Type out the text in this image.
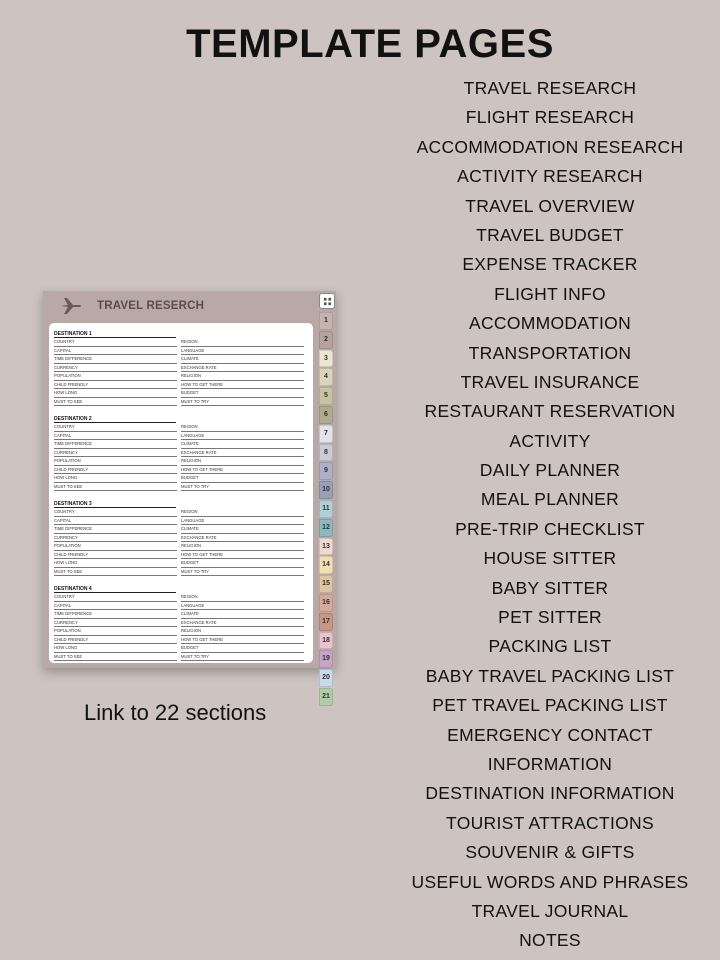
TEMPLATE PAGES
TRAVEL RESEARCH
FLIGHT RESEARCH
ACCOMMODATION RESEARCH
ACTIVITY RESEARCH
TRAVEL OVERVIEW
TRAVEL BUDGET
EXPENSE TRACKER
FLIGHT INFO
ACCOMMODATION
TRANSPORTATION
TRAVEL INSURANCE
RESTAURANT RESERVATION
ACTIVITY
DAILY PLANNER
MEAL PLANNER
PRE-TRIP CHECKLIST
HOUSE SITTER
BABY SITTER
PET SITTER
PACKING LIST
BABY TRAVEL PACKING LIST
PET TRAVEL PACKING LIST
EMERGENCY CONTACT
INFORMATION
DESTINATION INFORMATION
TOURIST ATTRACTIONS
SOUVENIR & GIFTS
USEFUL WORDS AND PHRASES
TRAVEL JOURNAL
NOTES
TRAVEL RESERCH
DESTINATION 1
COUNTRY	REGION
CAPITAL	LANGUAGE
TIME DIFFERENCE	CLIMATE
CURRENCY	EXCHANGE RATE
POPULATION	RELIGION
CHILD FRIENDLY	HOW TO GET THERE
HOW LONG	BUDGET
MUST TO SEE	MUST TO TRY
DESTINATION 2
COUNTRY	REGION
CAPITAL	LANGUAGE
TIME DIFFERENCE	CLIMATE
CURRENCY	EXCHANGE RATE
POPULATION	RELIGION
CHILD FRIENDLY	HOW TO GET THERE
HOW LONG	BUDGET
MUST TO SEE	MUST TO TRY
DESTINATION 3
COUNTRY	REGION
CAPITAL	LANGUAGE
TIME DIFFERENCE	CLIMATE
CURRENCY	EXCHANGE RATE
POPULATION	RELIGION
CHILD FRIENDLY	HOW TO GET THERE
HOW LONG	BUDGET
MUST TO SEE	MUST TO TRY
DESTINATION 4
COUNTRY	REGION
CAPITAL	LANGUAGE
TIME DIFFERENCE	CLIMATE
CURRENCY	EXCHANGE RATE
POPULATION	RELIGION
CHILD FRIENDLY	HOW TO GET THERE
HOW LONG	BUDGET
MUST TO SEE	MUST TO TRY
1
2
3
4
5
6
7
8
9
10
11
12
13
14
15
16
17
18
19
20
21
Link to 22 sections
